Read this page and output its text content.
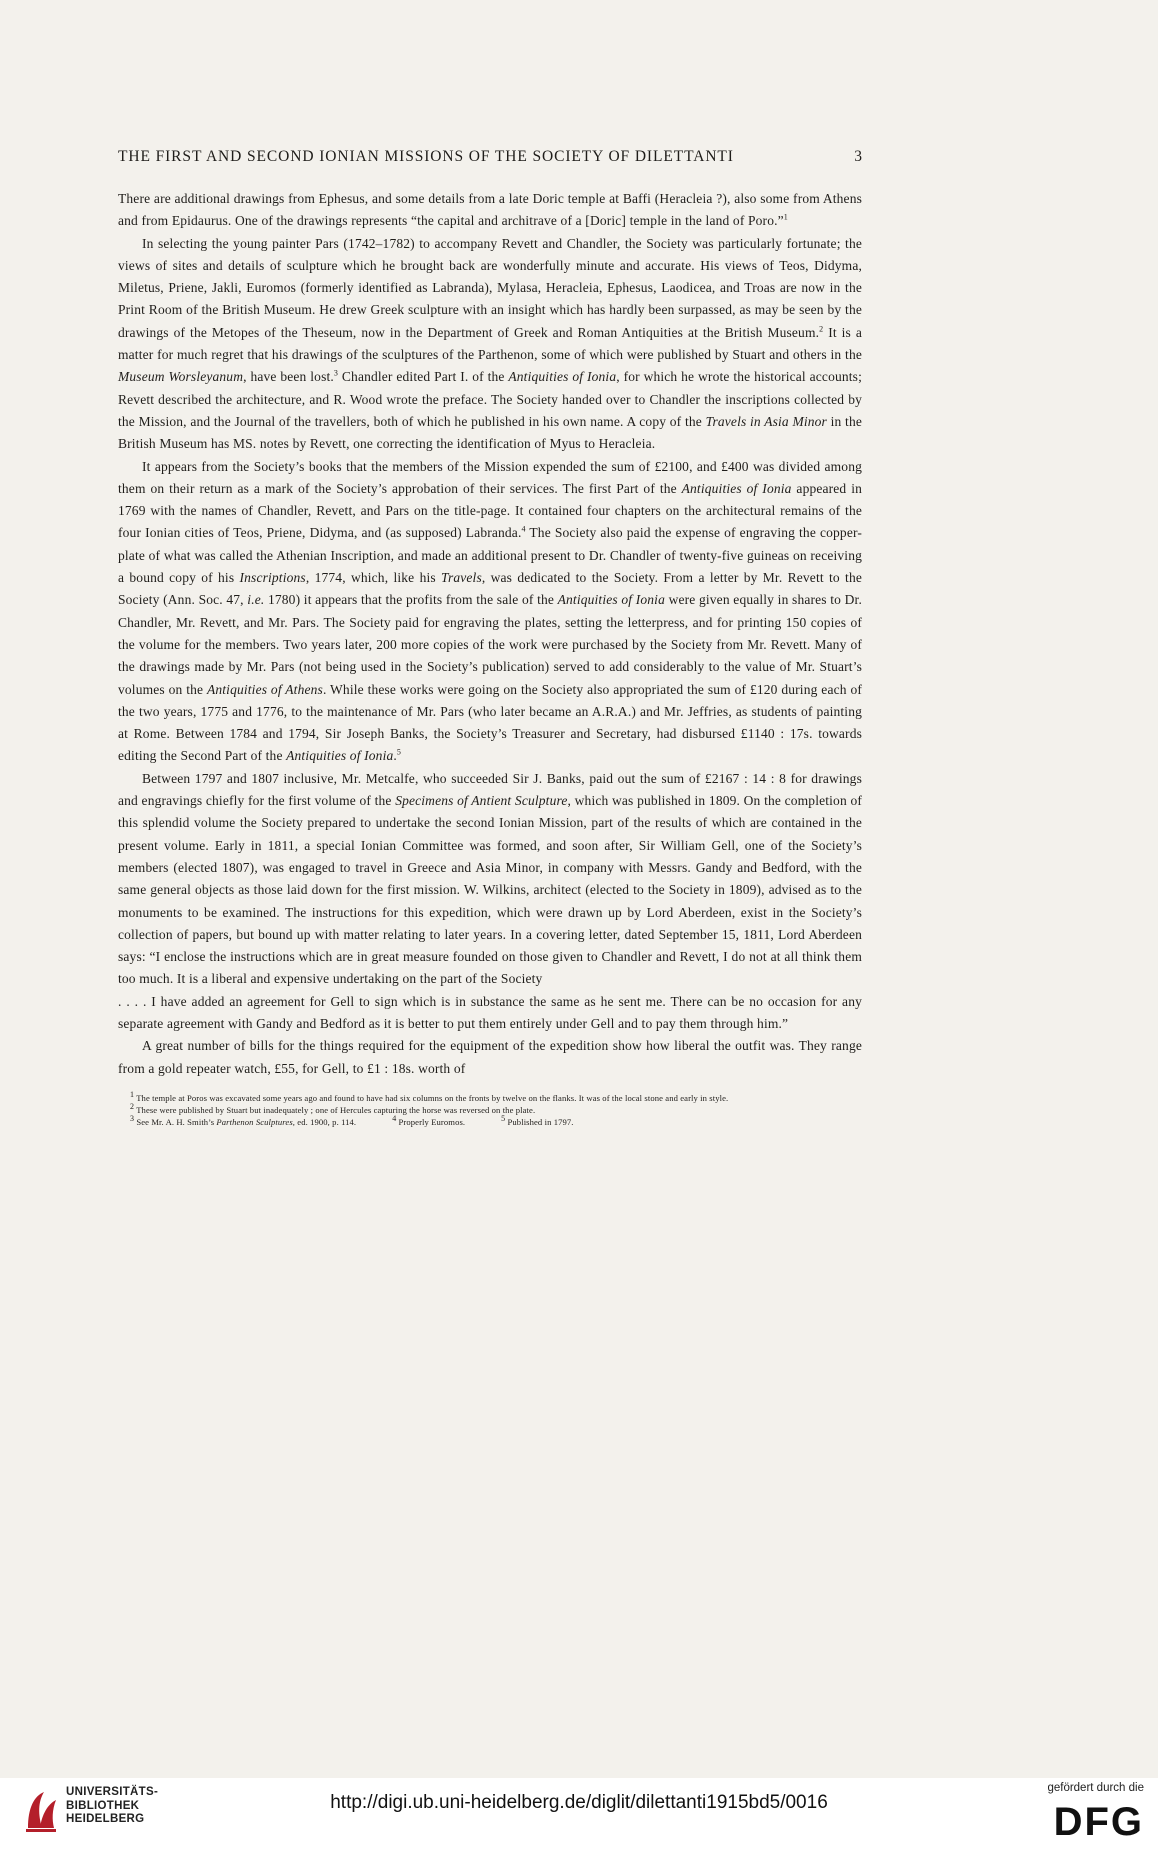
THE FIRST AND SECOND IONIAN MISSIONS OF THE SOCIETY OF DILETTANTI	3

There are additional drawings from Ephesus, and some details from a late Doric temple at Baffi (Heracleia ?), also some from Athens and from Epidaurus. One of the drawings represents “the capital and architrave of a [Doric] temple in the land of Poro.”$^1$

In selecting the young painter Pars (1742–1782) to accompany Revett and Chandler, the Society was particularly fortunate; the views of sites and details of sculpture which he brought back are wonderfully minute and accurate. His views of Teos, Didyma, Miletus, Priene, Jakli, Euromos (formerly identified as Labranda), Mylasa, Heracleia, Ephesus, Laodicea, and Troas are now in the Print Room of the British Museum. He drew Greek sculpture with an insight which has hardly been surpassed, as may be seen by the drawings of the Metopes of the Theseum, now in the Department of Greek and Roman Antiquities at the British Museum.$^2$ It is a matter for much regret that his drawings of the sculptures of the Parthenon, some of which were published by Stuart and others in the Museum Worsleyanum, have been lost.$^3$ Chandler edited Part I. of the Antiquities of Ionia, for which he wrote the historical accounts; Revett described the architecture, and R. Wood wrote the preface. The Society handed over to Chandler the inscriptions collected by the Mission, and the Journal of the travellers, both of which he published in his own name. A copy of the Travels in Asia Minor in the British Museum has MS. notes by Revett, one correcting the identification of Myus to Heracleia.

It appears from the Society’s books that the members of the Mission expended the sum of £2100, and £400 was divided among them on their return as a mark of the Society’s approbation of their services. The first Part of the Antiquities of Ionia appeared in 1769 with the names of Chandler, Revett, and Pars on the title-page. It contained four chapters on the architectural remains of the four Ionian cities of Teos, Priene, Didyma, and (as supposed) Labranda.$^4$ The Society also paid the expense of engraving the copper-plate of what was called the Athenian Inscription, and made an additional present to Dr. Chandler of twenty-five guineas on receiving a bound copy of his Inscriptions, 1774, which, like his Travels, was dedicated to the Society. From a letter by Mr. Revett to the Society (Ann. Soc. 47, i.e. 1780) it appears that the profits from the sale of the Antiquities of Ionia were given equally in shares to Dr. Chandler, Mr. Revett, and Mr. Pars. The Society paid for engraving the plates, setting the letterpress, and for printing 150 copies of the volume for the members. Two years later, 200 more copies of the work were purchased by the Society from Mr. Revett. Many of the drawings made by Mr. Pars (not being used in the Society’s publication) served to add considerably to the value of Mr. Stuart’s volumes on the Antiquities of Athens. While these works were going on the Society also appropriated the sum of £120 during each of the two years, 1775 and 1776, to the maintenance of Mr. Pars (who later became an A.R.A.) and Mr. Jeffries, as students of painting at Rome. Between 1784 and 1794, Sir Joseph Banks, the Society’s Treasurer and Secretary, had disbursed £1140 : 17s. towards editing the Second Part of the Antiquities of Ionia.$^5$

Between 1797 and 1807 inclusive, Mr. Metcalfe, who succeeded Sir J. Banks, paid out the sum of £2167 : 14 : 8 for drawings and engravings chiefly for the first volume of the Specimens of Antient Sculpture, which was published in 1809. On the completion of this splendid volume the Society prepared to undertake the second Ionian Mission, part of the results of which are contained in the present volume. Early in 1811, a special Ionian Committee was formed, and soon after, Sir William Gell, one of the Society’s members (elected 1807), was engaged to travel in Greece and Asia Minor, in company with Messrs. Gandy and Bedford, with the same general objects as those laid down for the first mission. W. Wilkins, architect (elected to the Society in 1809), advised as to the monuments to be examined. The instructions for this expedition, which were drawn up by Lord Aberdeen, exist in the Society’s collection of papers, but bound up with matter relating to later years. In a covering letter, dated September 15, 1811, Lord Aberdeen says: “I enclose the instructions which are in great measure founded on those given to Chandler and Revett, I do not at all think them too much. It is a liberal and expensive undertaking on the part of the Society

. . . . I have added an agreement for Gell to sign which is in substance the same as he sent me. There can be no occasion for any separate agreement with Gandy and Bedford as it is better to put them entirely under Gell and to pay them through him.”

A great number of bills for the things required for the equipment of the expedition show how liberal the outfit was. They range from a gold repeater watch, £55, for Gell, to £1 : 18s. worth of

$^1$ The temple at Poros was excavated some years ago and found to have had six columns on the fronts by twelve on the flanks. It was of the local stone and early in style.
$^2$ These were published by Stuart but inadequately ; one of Hercules capturing the horse was reversed on the plate.
$^3$ See Mr. A. H. Smith’s Parthenon Sculptures, ed. 1900, p. 114.	$^4$ Properly Euromos.	$^5$ Published in 1797.
UNIVERSITÄTS-
BIBLIOTHEK
HEIDELBERG
http://digi.ub.uni-heidelberg.de/diglit/dilettanti1915bd5/0016
gefördert durch die
DFG
